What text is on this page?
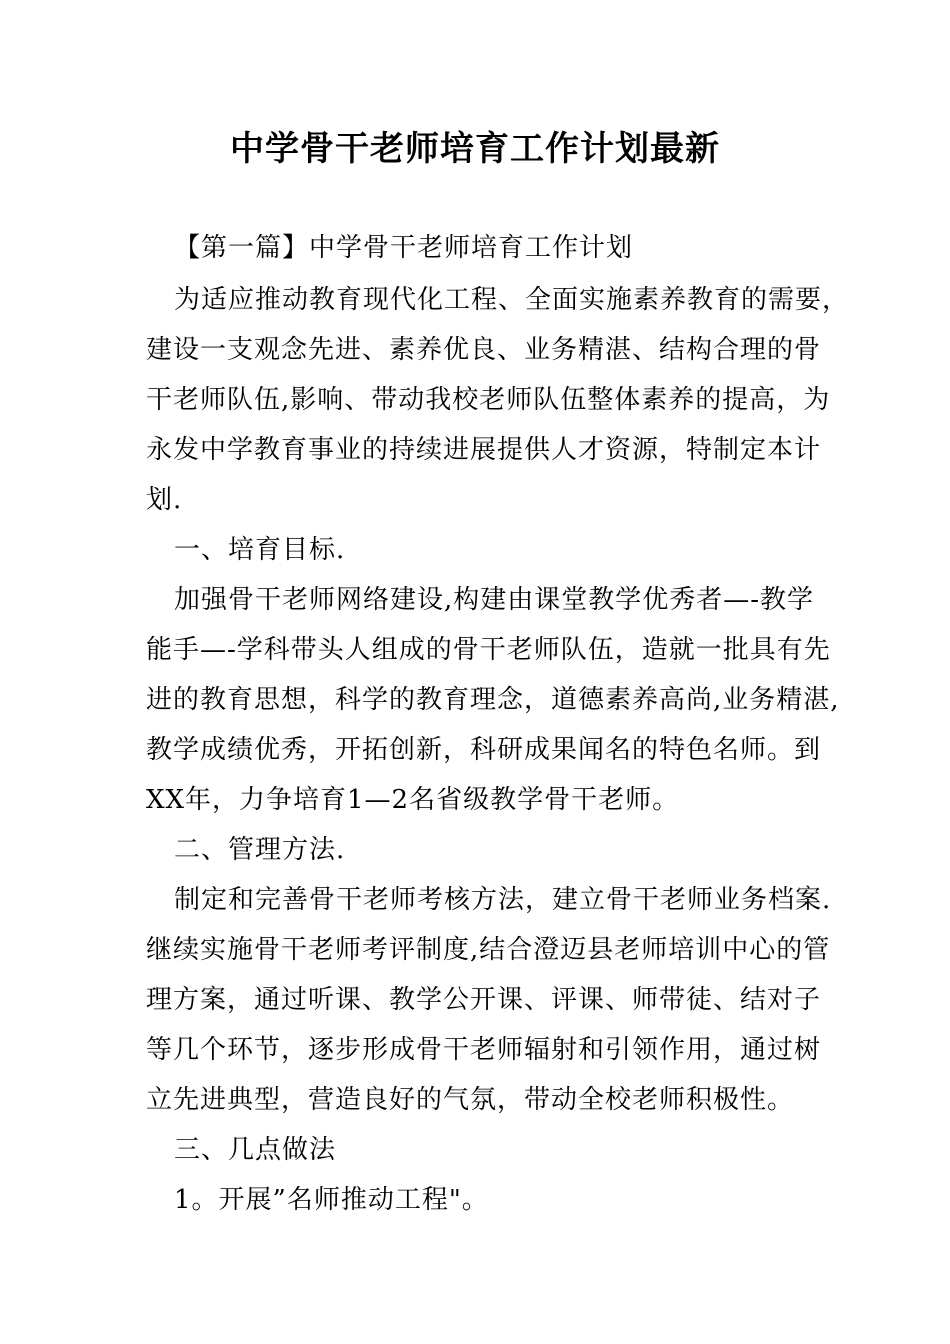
中学骨干老师培育工作计划最新
【第一篇】中学骨干老师培育工作计划
为适应推动教育现代化工程、全面实施素养教育的需要，
建设一支观念先进、素养优良、业务精湛、结构合理的骨
干老师队伍,影响、带动我校老师队伍整体素养的提高，为
永发中学教育事业的持续进展提供人才资源，特制定本计
划.
一、培育目标.
加强骨干老师网络建设,构建由课堂教学优秀者—-教学
能手—-学科带头人组成的骨干老师队伍，造就一批具有先
进的教育思想，科学的教育理念，道德素养高尚,业务精湛,
教学成绩优秀，开拓创新，科研成果闻名的特色名师。到
XX年，力争培育1—2名省级教学骨干老师。
二、管理方法.
制定和完善骨干老师考核方法，建立骨干老师业务档案.
继续实施骨干老师考评制度,结合澄迈县老师培训中心的管
理方案，通过听课、教学公开课、评课、师带徒、结对子
等几个环节，逐步形成骨干老师辐射和引领作用，通过树
立先进典型，营造良好的气氛，带动全校老师积极性。
三、几点做法
1。开展”名师推动工程"。
